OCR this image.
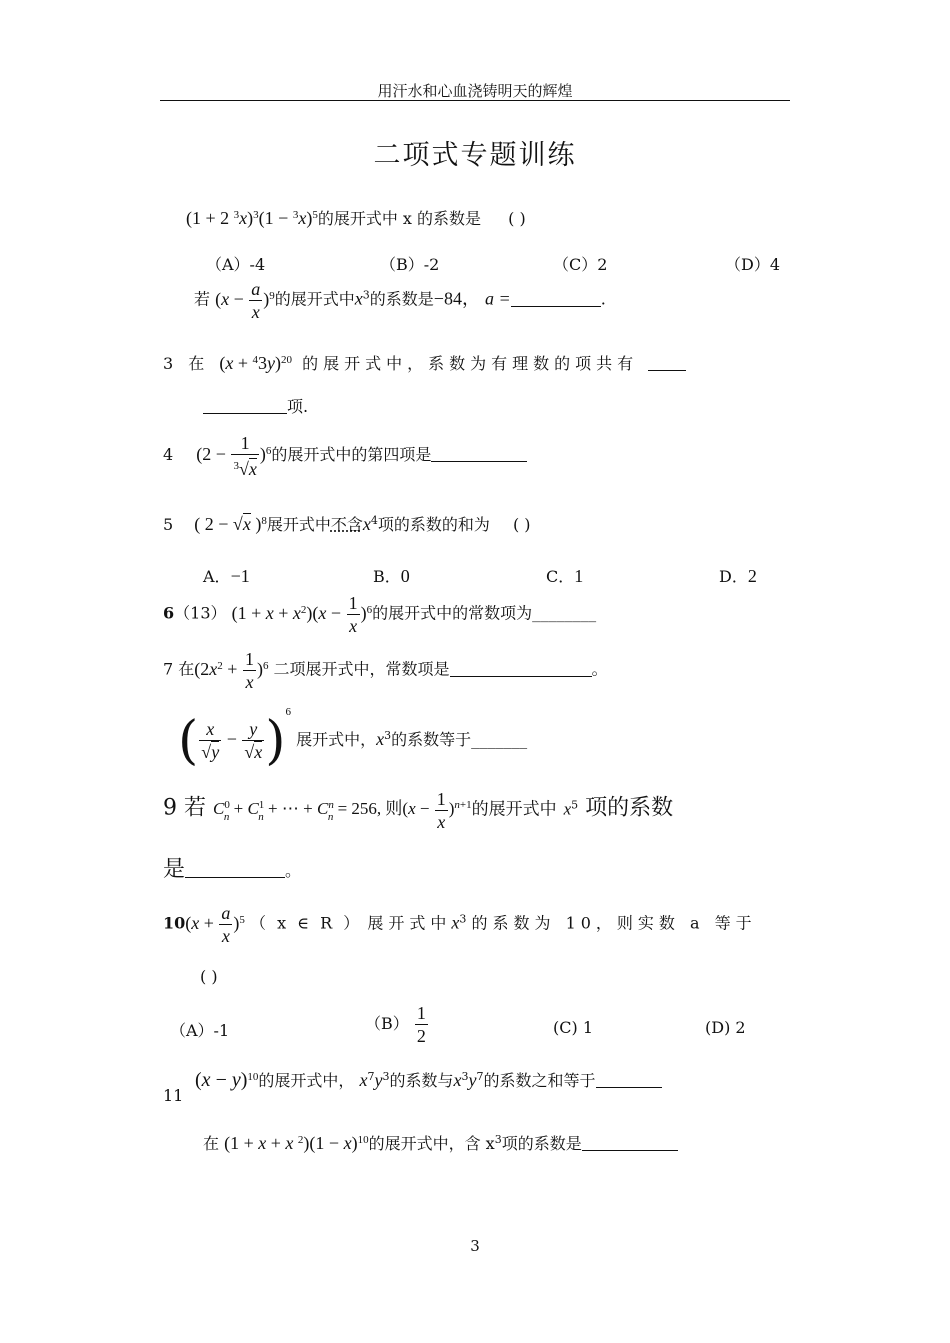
用汗水和心血浇铸明天的辉煌
二项式专题训练
(1 + 2 $^3x)^3(1 - ^3x)^5$的展开式中 x 的系数是 ( )
（A）-4	（B）-2	（C）2	（D）4
若 $(x - \frac{a}{x} )^9$的展开式中$x^3$的系数是−84， a =	.
3 在 $(x + ^43y)^{20}$ 的展开式中，系数为有理数的项共有
项.
4 $(2 - \frac{1}{^3√x} )^6$的展开式中的第四项是
5 ( 2 − √x )$^8$展开式中不含$x^4$项的系数的和为 ( )
A．−1	B．0	C．1	D．2
6（13） $(1 + x + x^2)(x - \frac{1}{x} )^6$的展开式中的常数项为________
7 在$(2x^2 + \frac{1}{x} )^6$ 二项展开式中，常数项是	。
( $\frac{x}{√y} - \frac{y}{√x} )^6$ 展开式中，$x^3$的系数等于_______
9 若 $C^0_n + C^1_n$ + ⋯ + $C^n_n = 256$, 则$(x - \frac{1}{x} )^{n+1}$的展开式中 $x^5$ 项的系数
是	。
$10(x + \frac{a}{x} )^5$ （ x ∈ R ） 展开式中$x^3$ 的系数为 10，则实数 a 等于
( )
（A）-1	$(B) \frac{1}{2}$	(C) 1	(D) 2
11
$(x - y)^{10}$的展开式中， $x^7y^3$的系数与$x^3y^7$的系数之和等于
在 (1 + x + x $^2)(1 - x)^{10}$的展开式中，含 $x^3$项的系数是
3
